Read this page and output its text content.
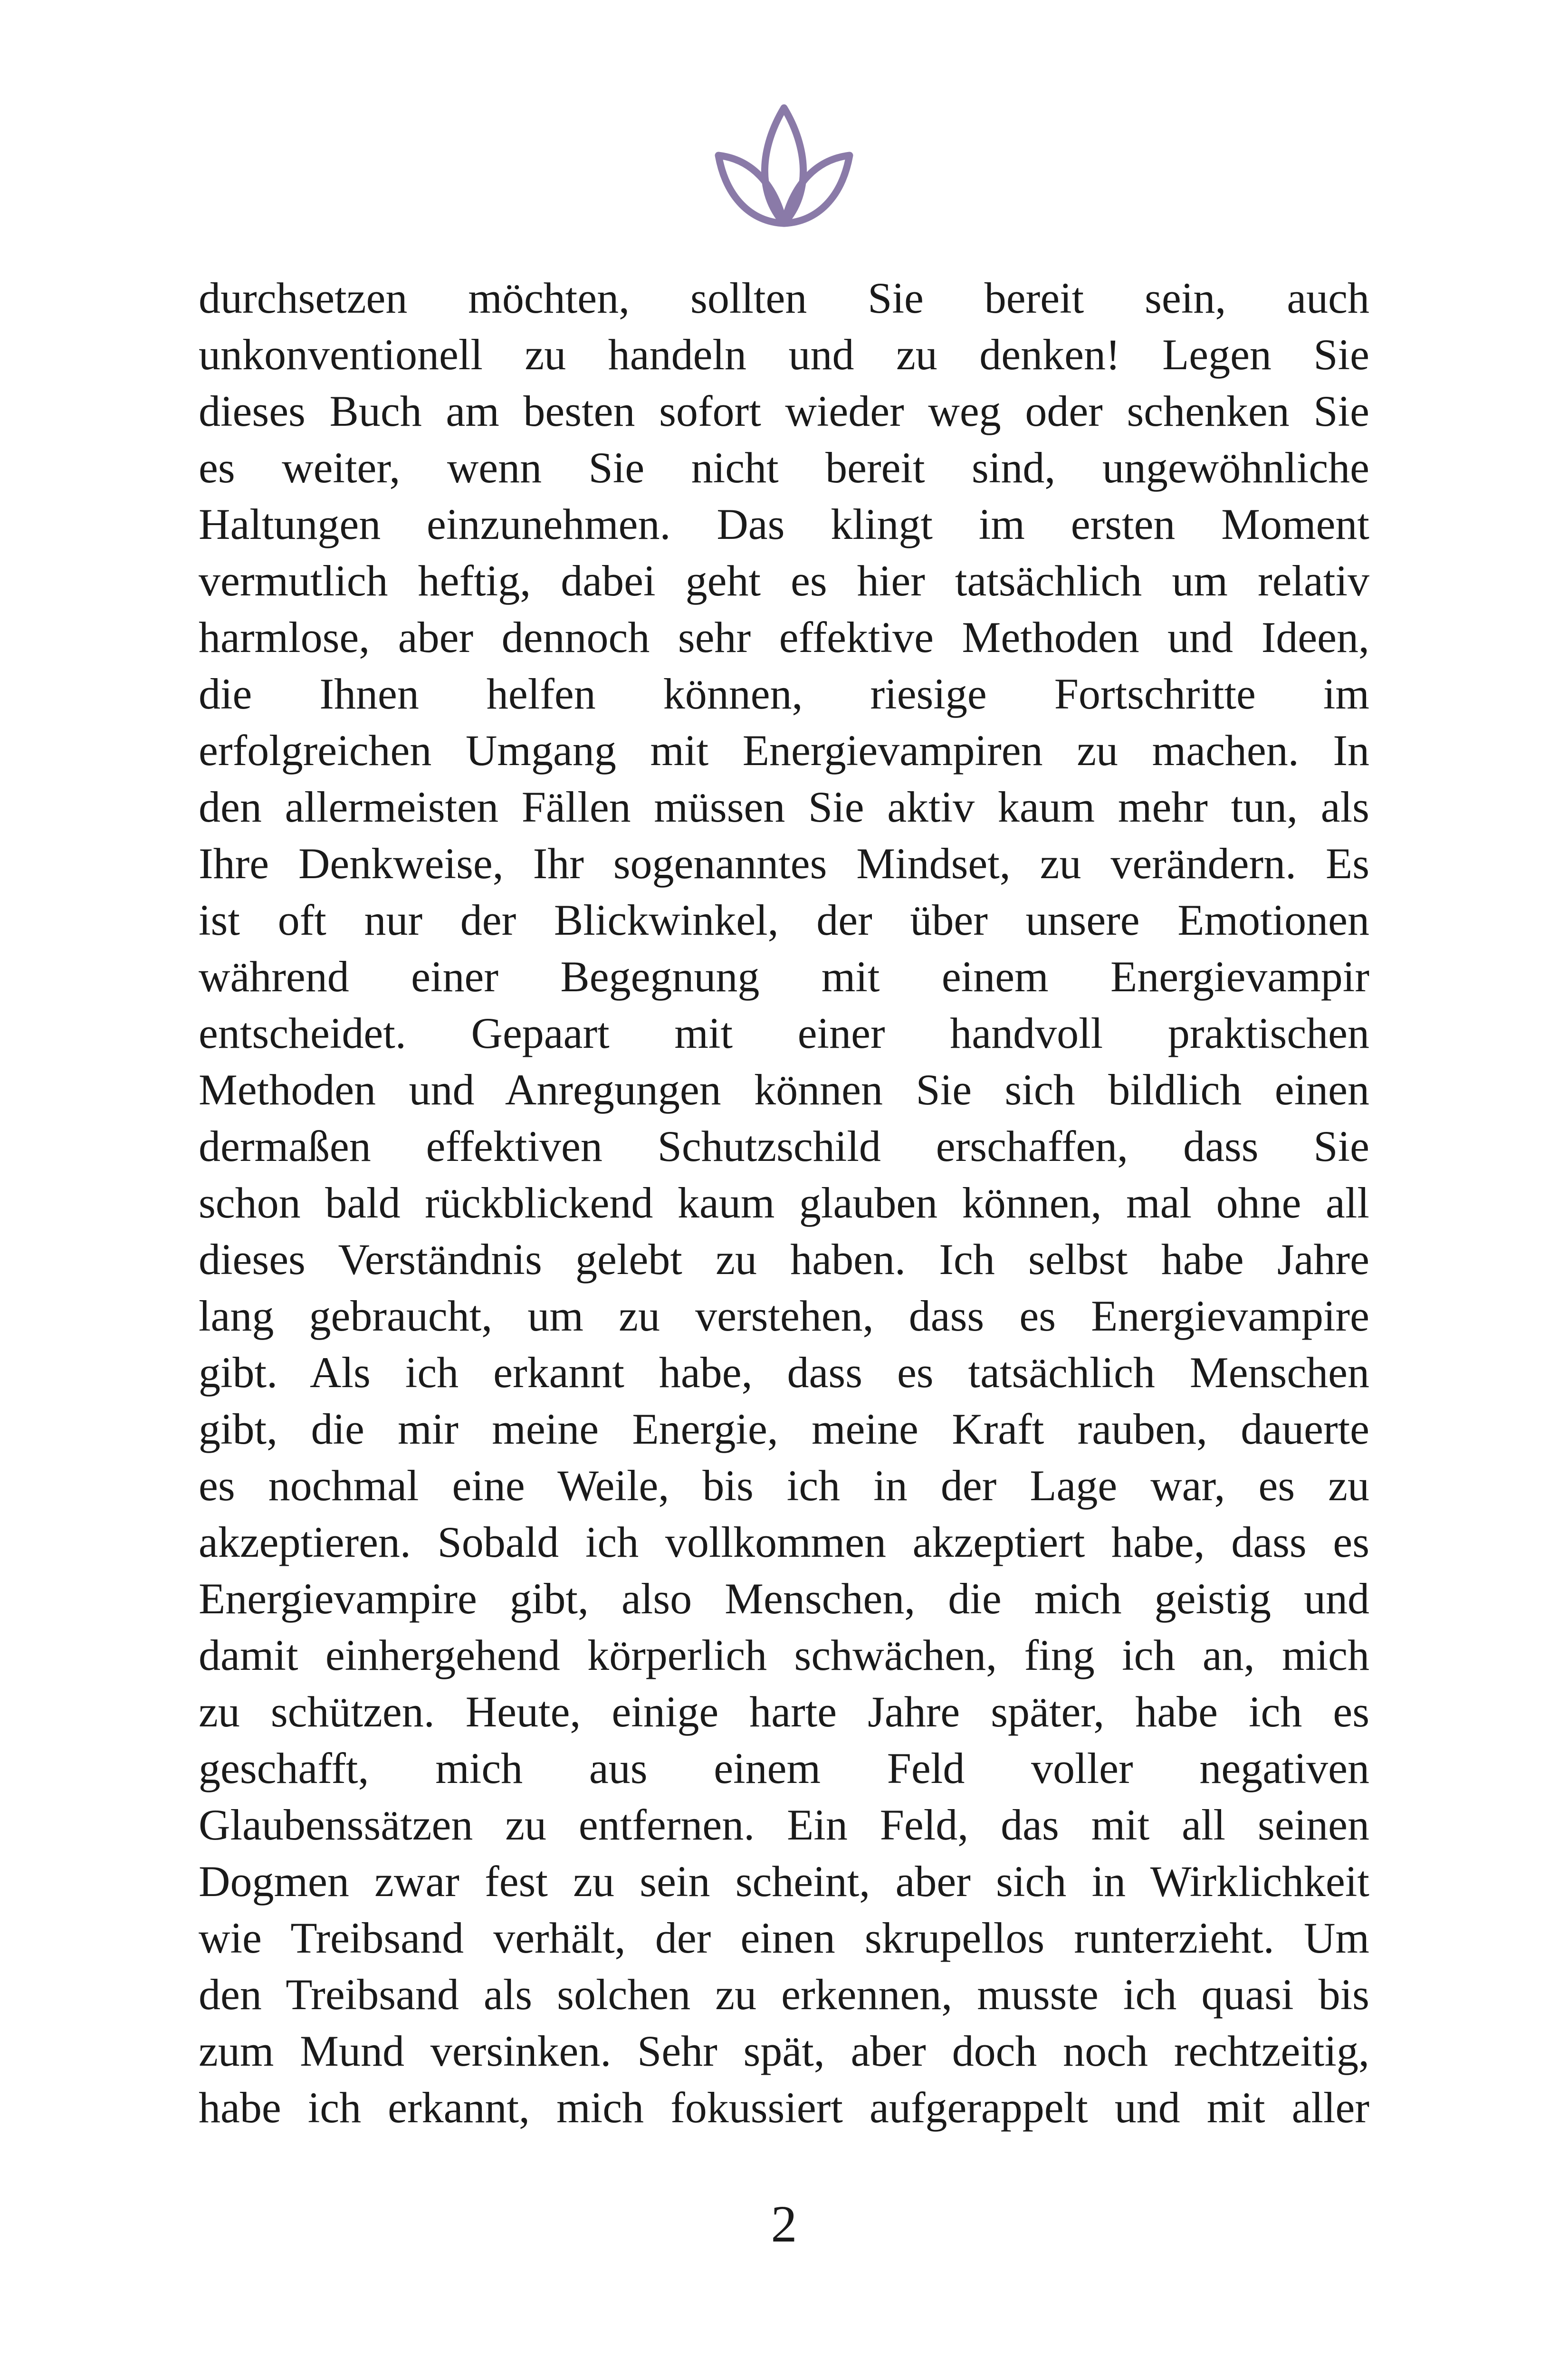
durchsetzen möchten, sollten Sie bereit sein, auch
unkonventionell zu handeln und zu denken! Legen Sie
dieses Buch am besten sofort wieder weg oder schenken Sie
es weiter, wenn Sie nicht bereit sind, ungewöhnliche
Haltungen einzunehmen. Das klingt im ersten Moment
vermutlich heftig, dabei geht es hier tatsächlich um relativ
harmlose, aber dennoch sehr effektive Methoden und Ideen,
die Ihnen helfen können, riesige Fortschritte im
erfolgreichen Umgang mit Energievampiren zu machen. In
den allermeisten Fällen müssen Sie aktiv kaum mehr tun, als
Ihre Denkweise, Ihr sogenanntes Mindset, zu verändern. Es
ist oft nur der Blickwinkel, der über unsere Emotionen
während einer Begegnung mit einem Energievampir
entscheidet. Gepaart mit einer handvoll praktischen
Methoden und Anregungen können Sie sich bildlich einen
dermaßen effektiven Schutzschild erschaffen, dass Sie
schon bald rückblickend kaum glauben können, mal ohne all
dieses Verständnis gelebt zu haben. Ich selbst habe Jahre
lang gebraucht, um zu verstehen, dass es Energievampire
gibt. Als ich erkannt habe, dass es tatsächlich Menschen
gibt, die mir meine Energie, meine Kraft rauben, dauerte
es nochmal eine Weile, bis ich in der Lage war, es zu
akzeptieren. Sobald ich vollkommen akzeptiert habe, dass es
Energievampire gibt, also Menschen, die mich geistig und
damit einhergehend körperlich schwächen, fing ich an, mich
zu schützen. Heute, einige harte Jahre später, habe ich es
geschafft, mich aus einem Feld voller negativen
Glaubenssätzen zu entfernen. Ein Feld, das mit all seinen
Dogmen zwar fest zu sein scheint, aber sich in Wirklichkeit
wie Treibsand verhält, der einen skrupellos runterzieht. Um
den Treibsand als solchen zu erkennen, musste ich quasi bis
zum Mund versinken. Sehr spät, aber doch noch rechtzeitig,
habe ich erkannt, mich fokussiert aufgerappelt und mit aller
2
